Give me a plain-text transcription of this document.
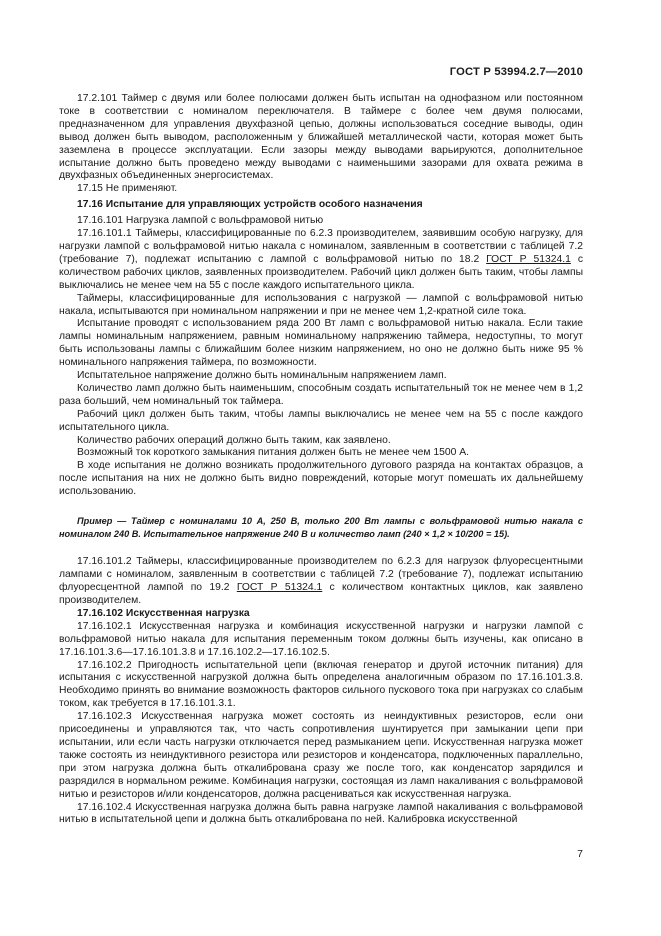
ГОСТ Р 53994.2.7—2010

17.2.101 Таймер с двумя или более полюсами должен быть испытан на однофазном или постоянном токе в соответствии с номиналом переключателя. В таймере с более чем двумя полюсами, предназначенном для управления двухфазной цепью, должны использоваться соседние выводы, один вывод должен быть выводом, расположенным у ближайшей металлической части, которая может быть заземлена в процессе эксплуатации. Если зазоры между выводами варьируются, дополнительное испытание должно быть проведено между выводами с наименьшими зазорами для охвата режима в двухфазных объединенных энергосистемах.

17.15 Не применяют.

17.16 Испытание для управляющих устройств особого назначения

17.16.101 Нагрузка лампой с вольфрамовой нитью

17.16.101.1 Таймеры, классифицированные по 6.2.3 производителем, заявившим особую нагрузку, для нагрузки лампой с вольфрамовой нитью накала с номиналом, заявленным в соответствии с таблицей 7.2 (требование 7), подлежат испытанию с лампой с вольфрамовой нитью по 18.2 ГОСТ Р 51324.1 с количеством рабочих циклов, заявленных производителем. Рабочий цикл должен быть таким, чтобы лампы выключались не менее чем на 55 с после каждого испытательного цикла.

Таймеры, классифицированные для использования с нагрузкой — лампой с вольфрамовой нитью накала, испытываются при номинальном напряжении и при не менее чем 1,2-кратной силе тока.

Испытание проводят с использованием ряда 200 Вт ламп с вольфрамовой нитью накала. Если такие лампы номинальным напряжением, равным номинальному напряжению таймера, недоступны, то могут быть использованы лампы с ближайшим более низким напряжением, но оно не должно быть ниже 95 % номинального напряжения таймера, по возможности.

Испытательное напряжение должно быть номинальным напряжением ламп.

Количество ламп должно быть наименьшим, способным создать испытательный ток не менее чем в 1,2 раза больший, чем номинальный ток таймера.

Рабочий цикл должен быть таким, чтобы лампы выключались не менее чем на 55 с после каждого испытательного цикла.

Количество рабочих операций должно быть таким, как заявлено.

Возможный ток короткого замыкания питания должен быть не менее чем 1500 А.

В ходе испытания не должно возникать продолжительного дугового разряда на контактах образцов, а после испытания на них не должно быть видно повреждений, которые могут помешать их дальнейшему использованию.

Пример — Таймер с номиналами 10 А, 250 В, только 200 Вт лампы с вольфрамовой нитью накала с номиналом 240 В. Испытательное напряжение 240 В и количество ламп (240 × 1,2 × 10/200 = 15).

17.16.101.2 Таймеры, классифицированные производителем по 6.2.3 для нагрузок флуоресцентными лампами с номиналом, заявленным в соответствии с таблицей 7.2 (требование 7), подлежат испытанию флуоресцентной лампой по 19.2 ГОСТ Р 51324.1 с количеством контактных циклов, как заявлено производителем.

17.16.102 Искусственная нагрузка

17.16.102.1 Искусственная нагрузка и комбинация искусственной нагрузки и нагрузки лампой с вольфрамовой нитью накала для испытания переменным током должны быть изучены, как описано в 17.16.101.3.6—17.16.101.3.8 и 17.16.102.2—17.16.102.5.

17.16.102.2 Пригодность испытательной цепи (включая генератор и другой источник питания) для испытания с искусственной нагрузкой должна быть определена аналогичным образом по 17.16.101.3.8. Необходимо принять во внимание возможность факторов сильного пускового тока при нагрузках со слабым током, как требуется в 17.16.101.3.1.

17.16.102.3 Искусственная нагрузка может состоять из неиндуктивных резисторов, если они присоединены и управляются так, что часть сопротивления шунтируется при замыкании цепи при испытании, или если часть нагрузки отключается перед размыканием цепи. Искусственная нагрузка может также состоять из неиндуктивного резистора или резисторов и конденсатора, подключенных параллельно, при этом нагрузка должна быть откалибрована сразу же после того, как конденсатор зарядился и разрядился в нормальном режиме. Комбинация нагрузки, состоящая из ламп накаливания с вольфрамовой нитью и резисторов и/или конденсаторов, должна расцениваться как искусственная нагрузка.

17.16.102.4 Искусственная нагрузка должна быть равна нагрузке лампой накаливания с вольфрамовой нитью в испытательной цепи и должна быть откалиброванa по ней. Калибровка искусственной

7
